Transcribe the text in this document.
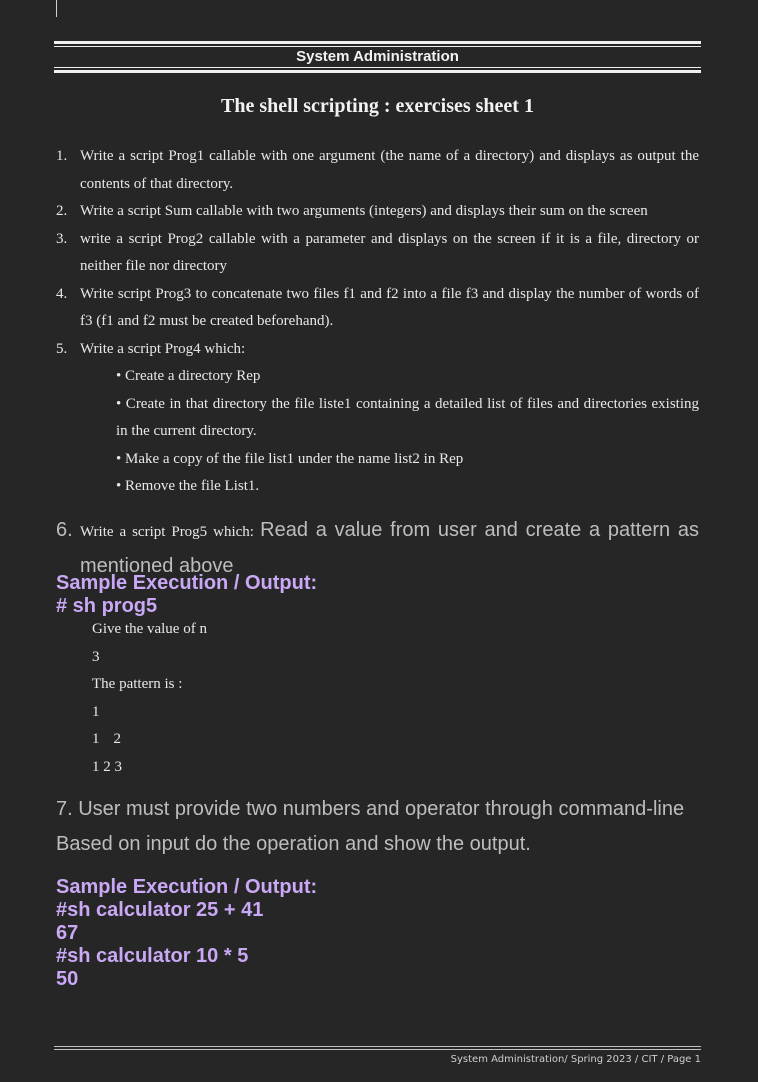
System Administration
The shell scripting : exercises sheet 1
1. Write a script Prog1 callable with one argument (the name of a directory) and displays as output the contents of that directory.
2. Write a script Sum callable with two arguments (integers) and displays their sum on the screen
3. write a script Prog2 callable with a parameter and displays on the screen if it is a file, directory or neither file nor directory
4. Write script Prog3 to concatenate two files f1 and f2 into a file f3 and display the number of words of f3 (f1 and f2 must be created beforehand).
5. Write a script Prog4 which:
• Create a directory Rep
• Create in that directory the file liste1 containing a detailed list of files and directories existing in the current directory.
• Make a copy of the file list1 under the name list2 in Rep
• Remove the file List1.
6. Write a script Prog5 which: Read a value from user and create a pattern as mentioned above
Sample Execution / Output:
# sh prog5
Give the value of n
3
The pattern is :
1
1 2
1 2 3
7. User must provide two numbers and operator through command-line
Based on input do the operation and show the output.
Sample Execution / Output:
#sh calculator 25 + 41
67
#sh calculator 10 * 5
50
System Administration/ Spring 2023 / CIT / Page 1
